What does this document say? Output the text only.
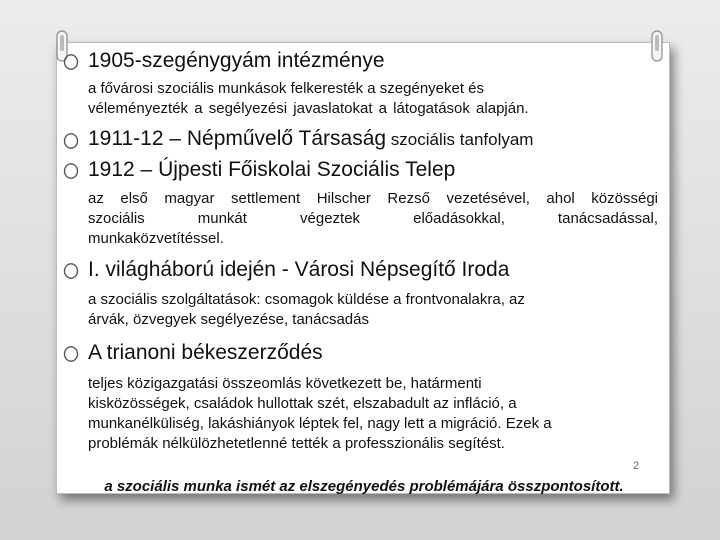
1905-szegénygyám intézménye
a fővárosi szociális munkások felkeresték a szegényeket és
véleményezték a segélyezési javaslatokat a látogatások alapján.
1911-12 – Népművelő Társaság szociális tanfolyam
1912 – Újpesti Főiskolai Szociális Telep
az első magyar settlement Hilscher Rezső vezetésével, ahol közösségi
szociális munkát végeztek előadásokkal, tanácsadással,
munkaközvetítéssel.
I. világháború idején - Városi Népsegítő Iroda
a szociális szolgáltatások: csomagok küldése a frontvonalakra, az
árvák, özvegyek segélyezése, tanácsadás
A trianoni békeszerződés
teljes közigazgatási összeomlás következett be, határmenti
kisközösségek, családok hullottak szét, elszabadult az infláció, a
munkanélküliség, lakáshiányok léptek fel, nagy lett a migráció. Ezek a
problémák nélkülözhetetlenné tették a professzionális segítést.
2
a szociális munka ismét az elszegényedés problémájára összpontosított.
